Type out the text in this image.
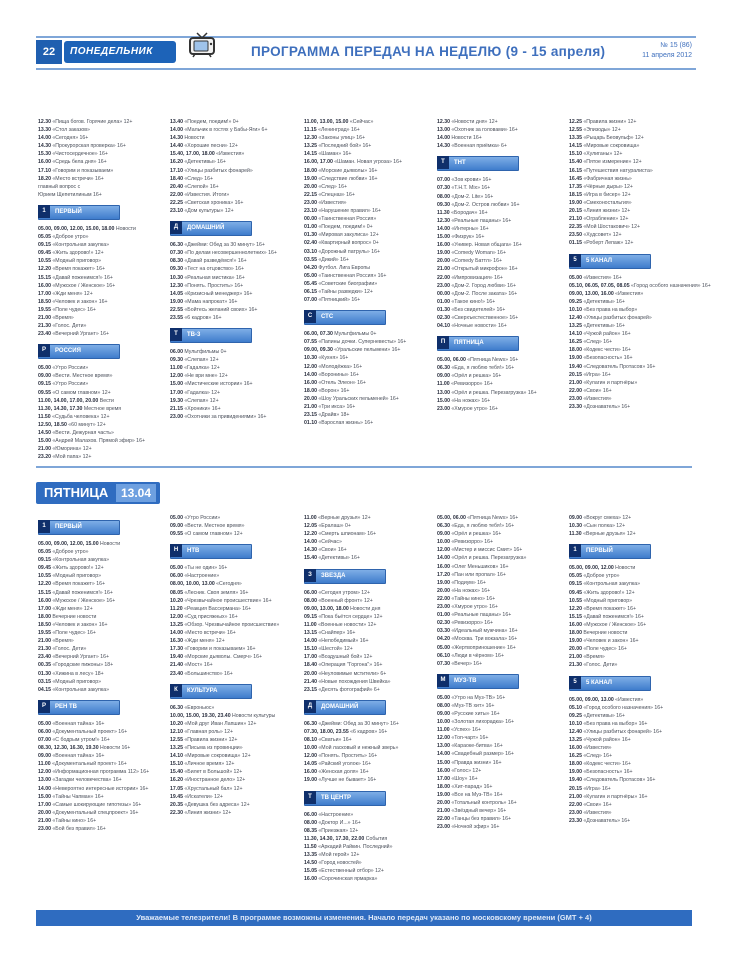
22	ПОНЕДЕЛЬНИК	ПРОГРАММА ПЕРЕДАЧ НА НЕДЕЛЮ (9 - 15 апреля)	№ 15 (86)
11 апреля 2012
12.30 «Пища богов. Горячие дела» 12+
13.30 «Стол заказов»
14.00 «Сегодня» 16+
14.30 «Прокурорская проверка» 16+
15.30 «Чистосердечное» 16+
16.00 «Средь бела дня» 16+
17.10 «Говорим и показываем»
18.20 «Место встречи» 16+
главный вопрос с
Юрием Щепетилиным 16+
1	ПЕРВЫЙ
05.00, 09.00, 12.00, 15.00, 18.00 Новости
05.05 «Доброе утро»
09.15 «Контрольная закупка»
09.45 «Жить здорово!» 12+
10.55 «Модный приговор»
12.20 «Время покажет» 16+
15.15 «Давай поженимся!» 16+
16.00 «Мужское / Женское» 16+
17.00 «Жди меня» 12+
18.50 «Человек и закон» 16+
19.55 «Поле чудес» 16+
21.00 «Время»
21.30 «Голос. Дети»
23.40 «Вечерний Ургант» 16+
Р	РОССИЯ
05.00 «Утро России»
09.00 «Вести. Местное время»
09.15 «Утро России»
09.55 «О самом главном» 12+
11.00, 14.00, 17.00, 20.00 Вести
11.30, 14.30, 17.30 Местное время
11.50 «Судьба человека» 12+
12.50, 18.50 «60 минут» 12+
14.50 «Вести. Дежурная часть»
15.00 «Андрей Малахов. Прямой эфир» 16+
21.00 «Юморина» 12+
23.20 «Мой папа» 12+
13.40 «Поедем, поедим!» 0+
14.00 «Мальчик в гостях у Бабы-Яги» 6+
14.30 Новости
14.40 «Хорошие песни» 12+
15.40, 17.00, 18.00 «Известия»
16.20 «Детективы» 16+
17.10 «Улицы разбитых фонарей»
18.40 «След» 16+
20.40 «Слепой» 16+
22.00 «Известия. Итоги»
22.25 «Светская хроника» 16+
23.10 «Дом культуры» 12+
Д	ДОМАШНИЙ
06.30 «Джейми: Обед за 30 минут» 16+
07.30 «По делам несовершеннолетних» 16+
08.30 «Давай разведёмся!» 16+
09.30 «Тест на отцовство» 16+
10.30 «Реальная мистика» 16+
12.30 «Понять. Простить» 16+
14.05 «Кризисный менеджер» 16+
19.00 «Мама напрокат» 16+
22.55 «Бойтесь желаний своих» 16+
23.55 «6 кадров» 16+
Т	ТВ-3
06.00 Мультфильмы 0+
09.30 «Слепая» 12+
11.00 «Гадалка» 12+
12.00 «Не ври мне» 12+
15.00 «Мистические истории» 16+
17.00 «Гадалка» 12+
19.30 «Слепая» 12+
21.15 «Хроники» 16+
23.00 «Охотники за привидениями» 16+
11.00, 13.00, 15.00 «Сейчас»
11.15 «Ленинград» 16+
12.30 «Законы улиц» 16+
13.25 «Последний бой» 16+
14.15 «Шаман» 16+
16.00, 17.00 «Шаман. Новая угроза» 16+
18.00 «Морские дьяволы» 16+
19.00 «Следствие любви» 16+
20.00 «След» 16+
22.15 «Спецназ» 16+
23.00 «Известия»
23.10 «Нарушение правил» 16+
00.00 «Таинственная Россия»
01.00 «Поедем, поедим!» 0+
01.30 «Мировая закулиса» 12+
02.40 «Квартирный вопрос» 0+
03.10 «Дорожный патруль» 16+
03.55 «Дикий» 16+
04.20 Футбол. Лига Европы
05.00 «Таинственная Россия» 16+
05.45 «Советские биографии»
06.15 «Тайны разведки» 12+
07.00 «Пятницкий» 16+
С	СТС
06.00, 07.30 Мультфильмы 0+
07.55 «Папины дочки. Суперневесты» 16+
09.00, 09.30 «Уральские пельмени» 16+
10.30 «Кухня» 16+
12.00 «Молодёжка» 16+
14.00 «Воронины» 16+
16.00 «Отель Элеон» 16+
18.00 «Ворон» 16+
20.00 «Шоу Уральских пельменей» 16+
21.00 «Три икса» 16+
23.15 «Драйв» 18+
01.10 «Взрослая жизнь» 16+
12.30 «Новости дня» 12+
13.00 «Охотник за головами» 16+
14.00 Новости 16+
14.30 «Военная приёмка» 6+
Т	ТНТ
07.00 «Зов крови» 16+
07.30 «Т.Н.Т. Mix» 16+
08.00 «Дом-2. Lite» 16+
09.30 «Дом-2. Остров любви» 16+
11.30 «Бородач» 16+
12.30 «Реальные пацаны» 16+
14.00 «Интерны» 16+
15.00 «Физрук» 16+
16.00 «Универ. Новая общага» 16+
19.00 «Comedy Woman» 16+
20.00 «Comedy Баттл» 16+
21.00 «Открытый микрофон» 16+
22.00 «Импровизация» 16+
23.00 «Дом-2. Город любви» 16+
00.00 «Дом-2. После заката» 16+
01.00 «Такое кино!» 16+
01.30 «Без свидетелей» 16+
02.30 «Сверхъестественное» 16+
04.10 «Ночные новости» 16+
П	ПЯТНИЦА
05.00, 06.00 «Пятница News» 16+
06.30 «Еда, я люблю тебя!» 16+
09.00 «Орёл и решка» 16+
11.00 «Ревизорро» 16+
13.00 «Орёл и решка. Перезагрузка» 16+
15.00 «На ножах» 16+
23.00 «Хмурое утро» 16+
12.25 «Правила жизни» 12+
12.55 «Эпизоды» 12+
13.35 «Рыцарь Беовульф» 12+
14.15 «Мировые сокровища»
15.10 «Хулиганы» 12+
15.40 «Пятое измерение» 12+
16.15 «Путешествия натуралиста»
16.45 «Фабричная жизнь»
17.35 «Чёрные дыры» 12+
18.15 «Игра в бисер» 12+
19.00 «Смехоностальгия»
20.15 «Линия жизни» 12+
21.10 «Ограбление» 12+
22.35 «Мой Шостакович» 12+
23.50 «Худсовет» 12+
01.15 «Роберт Лепаж» 12+
5	5 КАНАЛ
05.00 «Известия» 16+
05.10, 06.05, 07.05, 08.05 «Город особого назначения» 16+
09.00, 13.00, 16.00 «Известия»
09.25 «Детективы» 16+
10.10 «Без права на выбор»
12.40 «Улицы разбитых фонарей»
13.25 «Детективы» 16+
14.10 «Чужой район» 16+
16.25 «След» 16+
18.00 «Кодекс чести» 16+
19.00 «Безопасность» 16+
19.40 «Следователь Протасов» 16+
20.15 «Игра» 16+
21.00 «Кулагин и партнёры»
22.00 «Свои» 16+
23.00 «Известия»
23.30 «Дознаватель» 16+
ПЯТНИЦА	13.04
1	ПЕРВЫЙ
05.00, 09.00, 12.00, 15.00 Новости
05.05 «Доброе утро»
09.15 «Контрольная закупка»
09.45 «Жить здорово!» 12+
10.55 «Модный приговор»
12.20 «Время покажет» 16+
15.15 «Давай поженимся!» 16+
16.00 «Мужское / Женское» 16+
17.00 «Жди меня» 12+
18.00 Вечерние новости
18.50 «Человек и закон» 16+
19.55 «Поле чудес» 16+
21.00 «Время»
21.30 «Голос. Дети»
23.40 «Вечерний Ургант» 16+
00.35 «Городские пижоны» 18+
01.30 «Хижина в лесу» 18+
03.15 «Модный приговор»
04.15 «Контрольная закупка»
Р	РЕН ТВ
05.00 «Военная тайна» 16+
06.00 «Документальный проект» 16+
07.00 «С бодрым утром!» 16+
08.30, 12.30, 16.30, 19.30 Новости 16+
09.00 «Военная тайна» 16+
11.00 «Документальный проект» 16+
12.00 «Информационная программа 112» 16+
13.00 «Загадки человечества» 16+
14.00 «Невероятно интересные истории» 16+
15.00 «Тайны Чапман» 16+
17.00 «Самые шокирующие гипотезы» 16+
20.00 «Документальный спецпроект» 16+
21.00 «Тайны кино» 16+
23.00 «Бой без правил» 16+
05.00 «Утро России»
09.00 «Вести. Местное время»
09.55 «О самом главном» 12+
Н	НТВ
05.00 «Ты не один» 16+
06.00 «Настроение»
08.00, 10.00, 13.00 «Сегодня»
08.05 «Лесник. Своя земля» 16+
10.20 «Чрезвычайное происшествие» 16+
11.20 «Реакция Вассермана» 16+
12.00 «Суд присяжных» 16+
13.25 «Обзор. Чрезвычайное происшествие»
14.00 «Место встречи» 16+
16.30 «Жди меня» 12+
17.30 «Говорим и показываем» 16+
19.40 «Морские дьяволы. Смерч» 16+
21.40 «Мост» 16+
23.40 «Большинство» 16+
К	КУЛЬТУРА
06.30 «Евроньюс»
10.00, 15.00, 19.30, 23.40 Новости культуры
10.20 «Мой друг Иван Лапшин» 12+
12.10 «Главная роль» 12+
12.55 «Правила жизни» 12+
13.25 «Письма из провинции»
14.10 «Мировые сокровища» 12+
15.10 «Личное время» 12+
15.40 «Билет в Большой» 12+
16.20 «Иностранное дело» 12+
17.05 «Хрустальный бал» 12+
19.45 «Искатели» 12+
20.35 «Девушка без адреса» 12+
22.30 «Линия жизни» 12+
11.00 «Верные друзья» 12+
12.05 «Ералаш» 0+
12.20 «Смерть шпионам» 16+
14.00 «Сейчас»
14.30 «Свои» 16+
15.40 «Детективы» 16+
З	ЗВЕЗДА
06.00 «Сегодня утром» 12+
08.00 «Военный фронт» 12+
09.00, 13.00, 18.00 Новости дня
09.15 «Пока бьётся сердце» 12+
11.00 «Военные новости» 12+
13.15 «Снайпер» 16+
14.00 «Непобедимый» 16+
15.10 «Шестой» 12+
17.00 «Воздушный бой» 12+
18.40 «Операция "Горгона"» 16+
20.00 «Неуловимые мстители» 6+
21.40 «Новые похождения Швейка»
23.15 «Десять фотографий» 6+
Д	ДОМАШНИЙ
06.30 «Джейми: Обед за 30 минут» 16+
07.30, 18.00, 23.55 «6 кадров» 16+
08.10 «Сватьи» 16+
10.00 «Мой ласковый и нежный зверь»
12.00 «Понять. Простить» 16+
14.05 «Райский уголок» 16+
16.00 «Женская доля» 16+
19.00 «Лучше не бывает» 16+
Т	ТВ ЦЕНТР
06.00 «Настроение»
08.00 «Доктор И...» 16+
08.35 «Приезжая» 12+
11.30, 14.30, 17.30, 22.00 События
11.50 «Аркадий Райкин. Последний»
13.35 «Мой герой» 12+
14.50 «Город новостей»
15.05 «Естественный отбор» 12+
16.00 «Сорочинская ярмарка»
05.00, 06.00 «Пятница News» 16+
06.30 «Еда, я люблю тебя!» 16+
09.00 «Орёл и решка» 16+
10.00 «Ревизорро» 16+
12.00 «Мистер и миссис Смит» 16+
14.00 «Орёл и решка. Перезагрузка»
16.00 «Олег Меньшиков» 16+
17.20 «Пан или пропал» 16+
19.00 «Подиум» 16+
20.00 «На ножах» 16+
22.00 «Тайны кино» 16+
23.00 «Хмурое утро» 16+
01.00 «Реальные пацаны» 16+
02.30 «Ревизорро» 16+
03.30 «Идеальный мужчина» 16+
04.20 «Москва. Три вокзала» 16+
05.00 «Жертвоприношение» 16+
06.10 «Люди в чёрном» 16+
07.30 «Вечер» 16+
М	МУЗ-ТВ
05.00 «Утро на Муз-ТВ» 16+
08.00 «Муз-ТВ хит» 16+
09.00 «Русские хиты» 16+
10.00 «Золотая лихорадка» 16+
11.00 «Успех» 16+
12.00 «Топ-чарт» 16+
13.00 «Караоке-битва» 16+
14.00 «Свадебный размер» 16+
15.00 «Правда жизни» 16+
16.00 «Голос» 12+
17.00 «Шоу» 16+
18.00 «Хит-парад» 16+
19.00 «Все на Муз-ТВ» 16+
20.00 «Тотальный контроль» 16+
21.00 «Звёздный вечер» 16+
22.00 «Танцы без правил» 16+
23.00 «Ночной эфир» 16+
09.00 «Вокруг смеха» 12+
10.30 «Сын полка» 12+
11.30 «Верные друзья» 12+
1	ПЕРВЫЙ
05.00, 09.00, 12.00 Новости
05.05 «Доброе утро»
09.15 «Контрольная закупка»
09.45 «Жить здорово!» 12+
10.55 «Модный приговор»
12.20 «Время покажет» 16+
15.15 «Давай поженимся!» 16+
16.00 «Мужское / Женское» 16+
18.00 Вечерние новости
19.00 «Человек и закон» 16+
20.00 «Поле чудес» 16+
21.00 «Время»
21.30 «Голос. Дети»
5	5 КАНАЛ
05.00, 09.00, 13.00 «Известия»
05.10 «Город особого назначения» 16+
09.25 «Детективы» 16+
10.10 «Без права на выбор» 16+
12.40 «Улицы разбитых фонарей» 16+
13.25 «Чужой район» 16+
16.00 «Известия»
16.25 «След» 16+
18.00 «Кодекс чести» 16+
19.00 «Безопасность» 16+
19.40 «Следователь Протасов» 16+
20.15 «Игра» 16+
21.00 «Кулагин и партнёры» 16+
22.00 «Свои» 16+
23.00 «Известия»
23.30 «Дознаватель» 16+
Уважаемые телезрители! В программе возможны изменения. Начало передач указано по московскому времени (GMT + 4)
